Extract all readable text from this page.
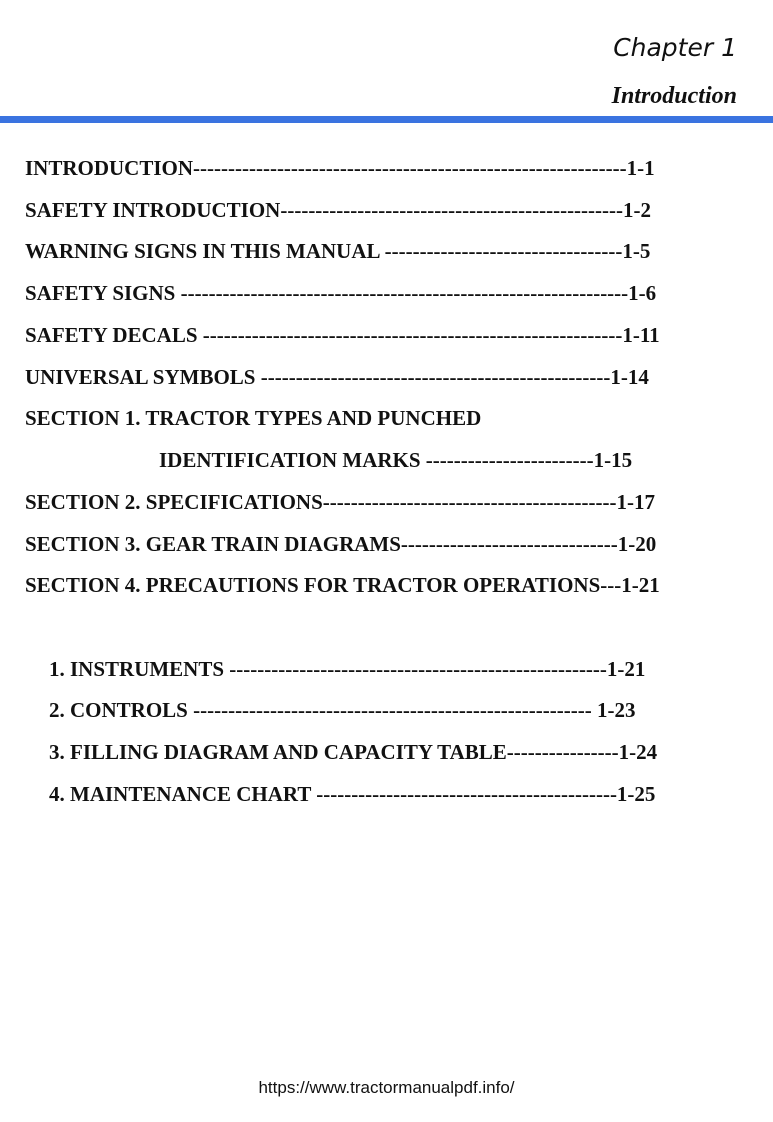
Chapter 1
Introduction
INTRODUCTION--------------------------------------------------------------1-1
SAFETY INTRODUCTION-------------------------------------------------1-2
WARNING SIGNS IN THIS MANUAL ----------------------------------1-5
SAFETY SIGNS ----------------------------------------------------------------1-6
SAFETY DECALS ------------------------------------------------------------1-11
UNIVERSAL SYMBOLS --------------------------------------------------1-14
SECTION 1. TRACTOR TYPES AND PUNCHED
IDENTIFICATION MARKS ------------------------1-15
SECTION 2. SPECIFICATIONS------------------------------------------1-17
SECTION 3. GEAR TRAIN DIAGRAMS-------------------------------1-20
SECTION 4. PRECAUTIONS FOR TRACTOR OPERATIONS---1-21
1. INSTRUMENTS ------------------------------------------------------1-21
2. CONTROLS --------------------------------------------------------- 1-23
3. FILLING DIAGRAM AND CAPACITY TABLE----------------1-24
4. MAINTENANCE CHART -------------------------------------------1-25
https://www.tractormanualpdf.info/
